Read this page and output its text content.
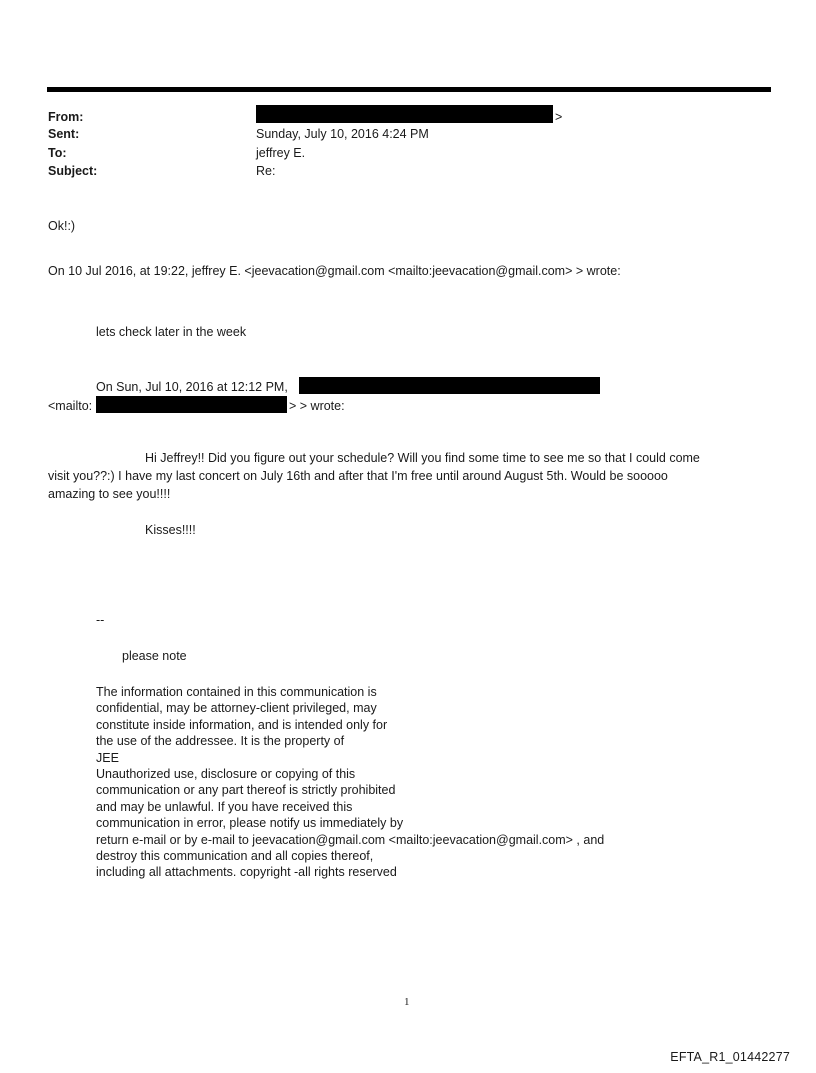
From:	>
Sent:	Sunday, July 10, 2016 4:24 PM
To:	jeffrey E.
Subject:	Re:
Ok!:)
On 10 Jul 2016, at 19:22, jeffrey E. <jeevacation@gmail.com <mailto:jeevacation@gmail.com> > wrote:
lets check later in the week
On Sun, Jul 10, 2016 at 12:12 PM,
<mailto:	> > wrote:
Hi Jeffrey!! Did you figure out your schedule? Will you find some time to see me so that I could come
visit you??:) I have my last concert on July 16th and after that I'm free until around August 5th. Would be sooooo
amazing to see you!!!!
Kisses!!!!
--
please note
The information contained in this communication is
confidential, may be attorney-client privileged, may
constitute inside information, and is intended only for
the use of the addressee. It is the property of
JEE
Unauthorized use, disclosure or copying of this
communication or any part thereof is strictly prohibited
and may be unlawful. If you have received this
communication in error, please notify us immediately by
return e-mail or by e-mail to jeevacation@gmail.com <mailto:jeevacation@gmail.com> , and
destroy this communication and all copies thereof,
including all attachments. copyright -all rights reserved
1
EFTA_R1_01442277
